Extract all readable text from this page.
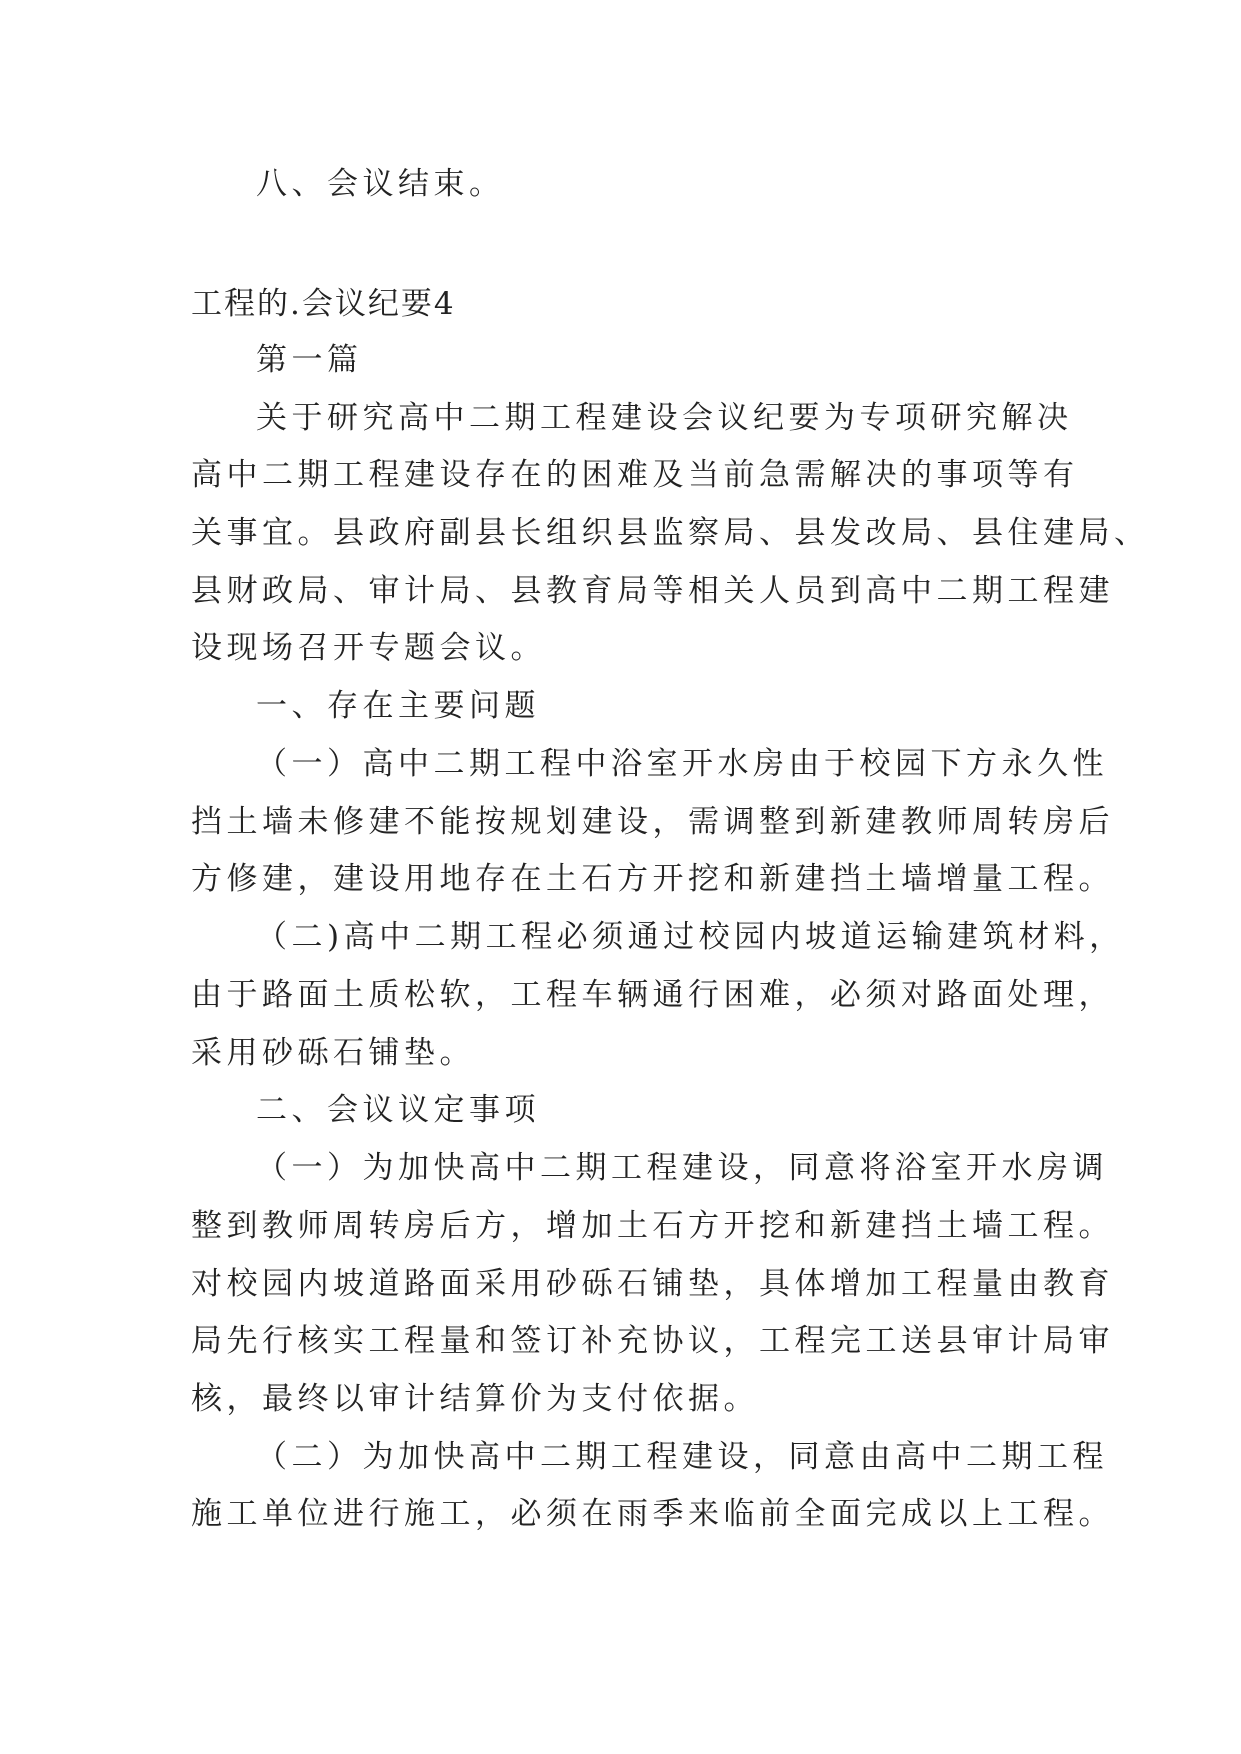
八、会议结束。
工程的.会议纪要4
第一篇
关于研究高中二期工程建设会议纪要为专项研究解决
高中二期工程建设存在的困难及当前急需解决的事项等有
关事宜。县政府副县长组织县监察局、县发改局、县住建局、
县财政局、审计局、县教育局等相关人员到高中二期工程建
设现场召开专题会议。
一、存在主要问题
（一）高中二期工程中浴室开水房由于校园下方永久性
挡土墙未修建不能按规划建设，需调整到新建教师周转房后
方修建，建设用地存在土石方开挖和新建挡土墙增量工程。
（二)高中二期工程必须通过校园内坡道运输建筑材料，
由于路面土质松软，工程车辆通行困难，必须对路面处理，
采用砂砾石铺垫。
二、会议议定事项
（一）为加快高中二期工程建设，同意将浴室开水房调
整到教师周转房后方，增加土石方开挖和新建挡土墙工程。
对校园内坡道路面采用砂砾石铺垫，具体增加工程量由教育
局先行核实工程量和签订补充协议，工程完工送县审计局审
核，最终以审计结算价为支付依据。
（二）为加快高中二期工程建设，同意由高中二期工程
施工单位进行施工，必须在雨季来临前全面完成以上工程。
